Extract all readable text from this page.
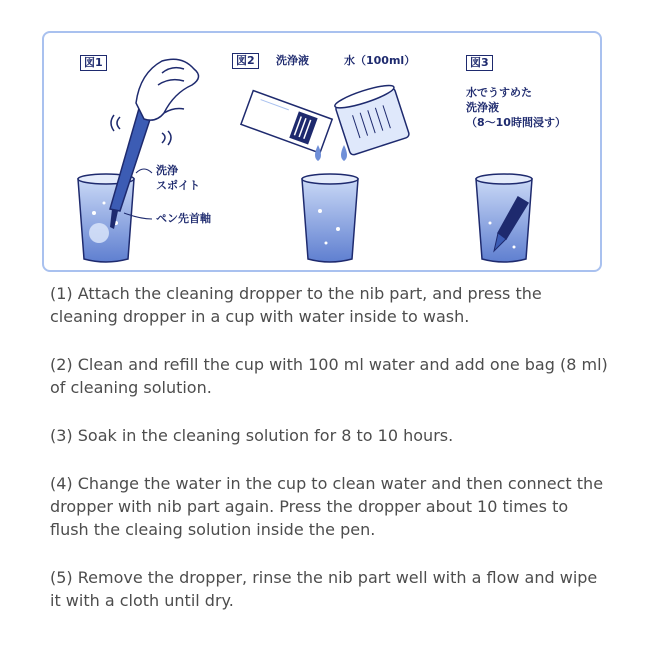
図1
洗浄
スポイト
ペン先首軸
図2	洗浄液	水（100ml）	図3
水でうすめた
洗浄液
（8〜10時間浸す）

(1) Attach the cleaning dropper to the nib part, and press the cleaning dropper in a cup with water inside to wash.

(2) Clean and refill the cup with 100 ml water and add one bag (8 ml) of cleaning solution.

(3) Soak in the cleaning solution for 8 to 10 hours.

(4) Change the water in the cup to clean water and then connect the dropper with nib part again. Press the dropper about 10 times to flush the cleaing solution inside the pen.

(5) Remove the dropper, rinse the nib part well with a flow and wipe it with a cloth until dry.
